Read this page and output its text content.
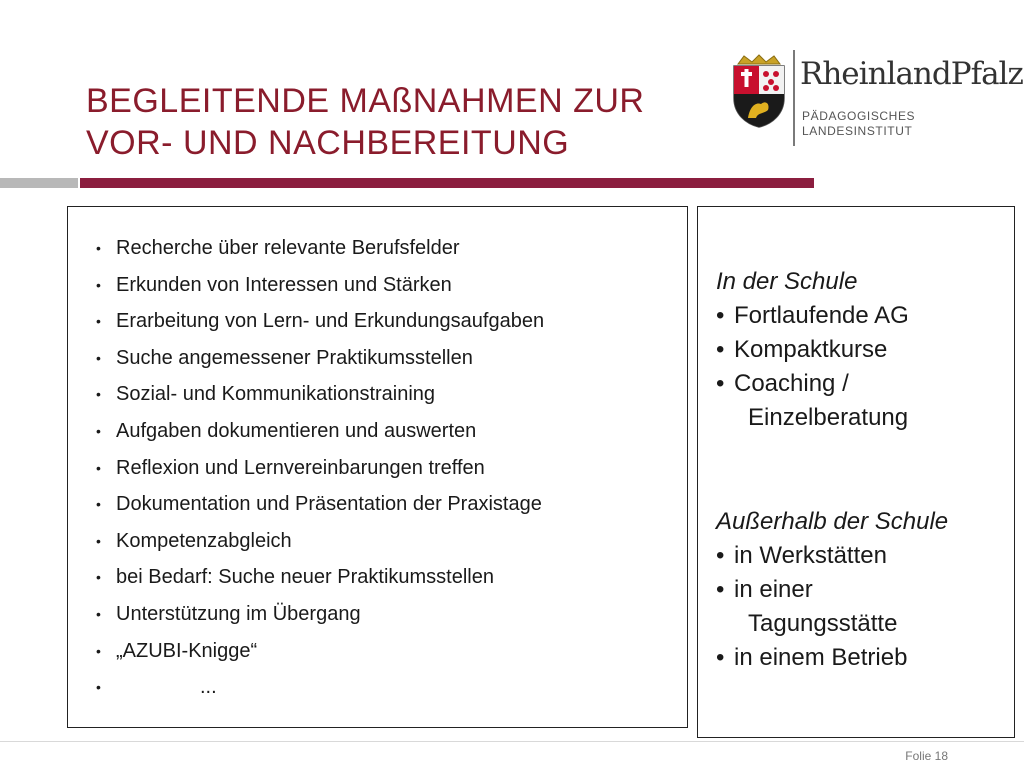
BEGLEITENDE MAßNAHMEN ZUR
VOR- UND NACHBEREITUNG
RheinlandPfalz
PÄDAGOGISCHES
LANDESINSTITUT
• Recherche über relevante Berufsfelder
• Erkunden von Interessen und Stärken
• Erarbeitung von Lern- und Erkundungsaufgaben
• Suche angemessener Praktikumsstellen
• Sozial- und Kommunikationstraining
• Aufgaben dokumentieren und auswerten
• Reflexion und Lernvereinbarungen treffen
• Dokumentation und Präsentation der Praxistage
• Kompetenzabgleich
• bei Bedarf: Suche neuer Praktikumsstellen
• Unterstützung im Übergang
• „AZUBI-Knigge“
•	...
In der Schule
• Fortlaufende AG
• Kompaktkurse
• Coaching /
Einzelberatung
Außerhalb der Schule
• in Werkstätten
• in einer
Tagungsstätte
• in einem Betrieb
Folie 18
